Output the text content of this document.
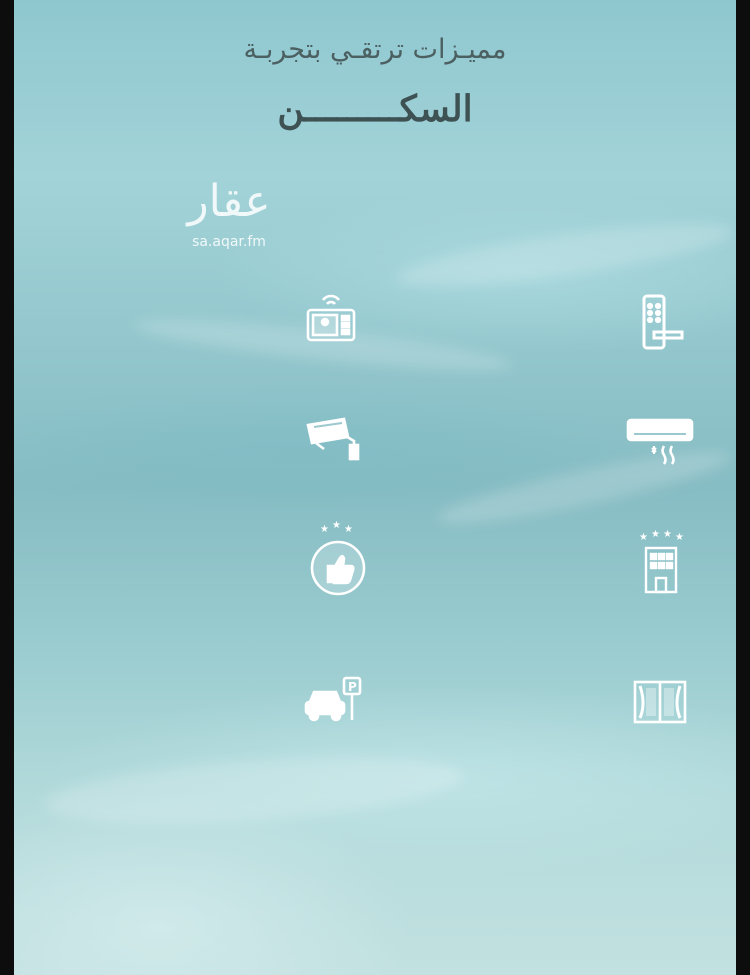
مميـزات ترتقـي بتجربـة
السكـــــــــن
عقار
sa.aqar.fm
★ ★ ★ ★
★ ★ ★
P
